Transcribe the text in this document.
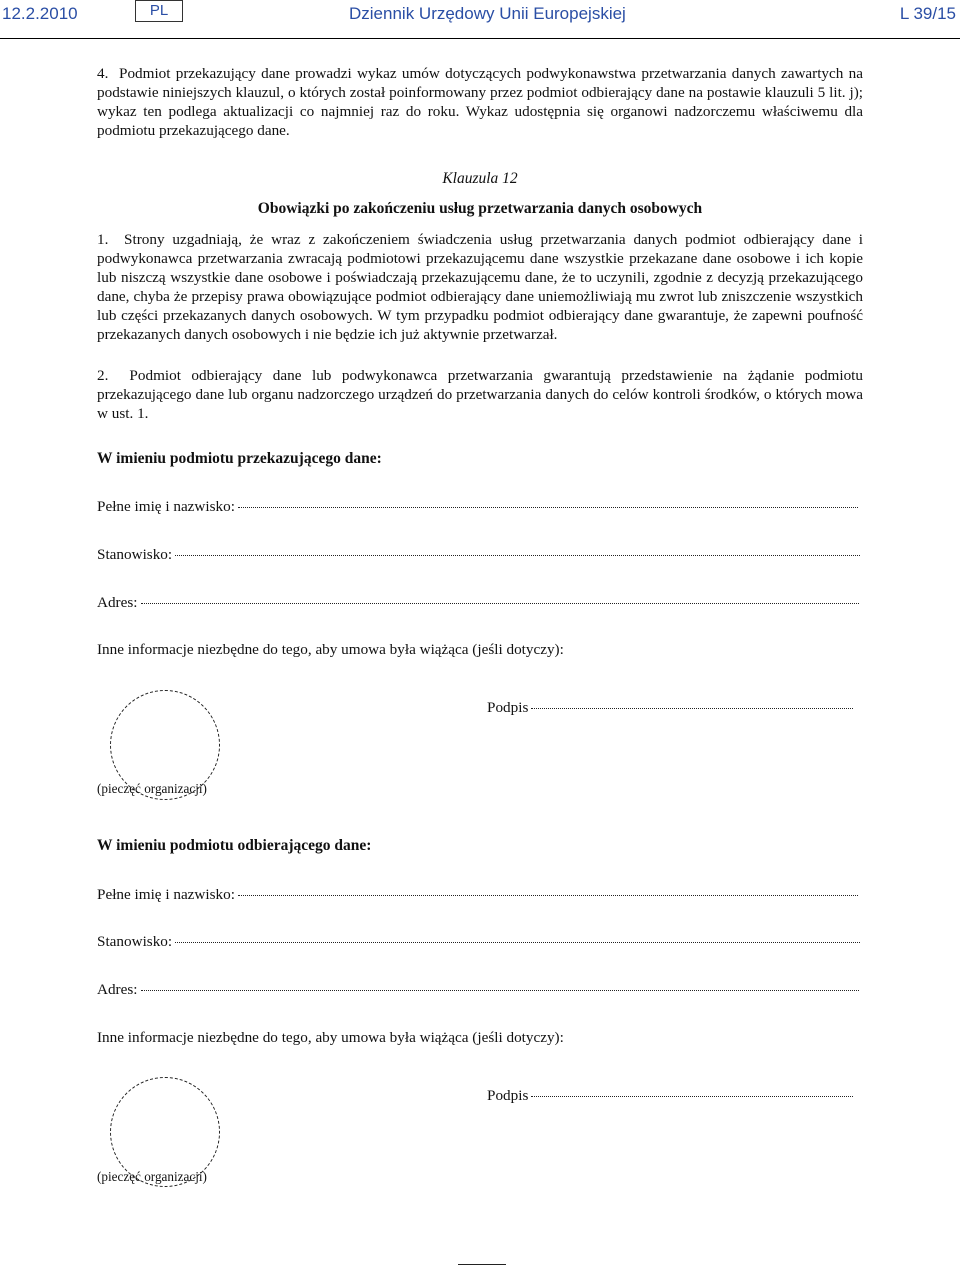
12.2.2010	PL	Dziennik Urzędowy Unii Europejskiej	L 39/15
4.  Podmiot przekazujący dane prowadzi wykaz umów dotyczących podwykonawstwa przetwarzania danych zawartych na podstawie niniejszych klauzul, o których został poinformowany przez podmiot odbierający dane na postawie klauzuli 5 lit. j); wykaz ten podlega aktualizacji co najmniej raz do roku. Wykaz udostępnia się organowi nadzorczemu właściwemu dla podmiotu przekazującego dane.
Klauzula 12
Obowiązki po zakończeniu usług przetwarzania danych osobowych
1.  Strony uzgadniają, że wraz z zakończeniem świadczenia usług przetwarzania danych podmiot odbierający dane i podwykonawca przetwarzania zwracają podmiotowi przekazującemu dane wszystkie przekazane dane osobowe i ich kopie lub niszczą wszystkie dane osobowe i poświadczają przekazującemu dane, że to uczynili, zgodnie z decyzją przekazującego dane, chyba że przepisy prawa obowiązujące podmiot odbierający dane uniemożliwiają mu zwrot lub zniszczenie wszystkich lub części przekazanych danych osobowych. W tym przypadku podmiot odbierający dane gwarantuje, że zapewni poufność przekazanych danych osobowych i nie będzie ich już aktywnie przetwarzał.
2.  Podmiot odbierający dane lub podwykonawca przetwarzania gwarantują przedstawienie na żądanie podmiotu przekazującego dane lub organu nadzorczego urządzeń do przetwarzania danych do celów kontroli środków, o których mowa w ust. 1.
W imieniu podmiotu przekazującego dane:
Pełne imię i nazwisko:
Stanowisko:
Adres:
Inne informacje niezbędne do tego, aby umowa była wiążąca (jeśli dotyczy):
Podpis
(pieczęć organizacji)
W imieniu podmiotu odbierającego dane:
Pełne imię i nazwisko:
Stanowisko:
Adres:
Inne informacje niezbędne do tego, aby umowa była wiążąca (jeśli dotyczy):
Podpis
(pieczęć organizacji)
